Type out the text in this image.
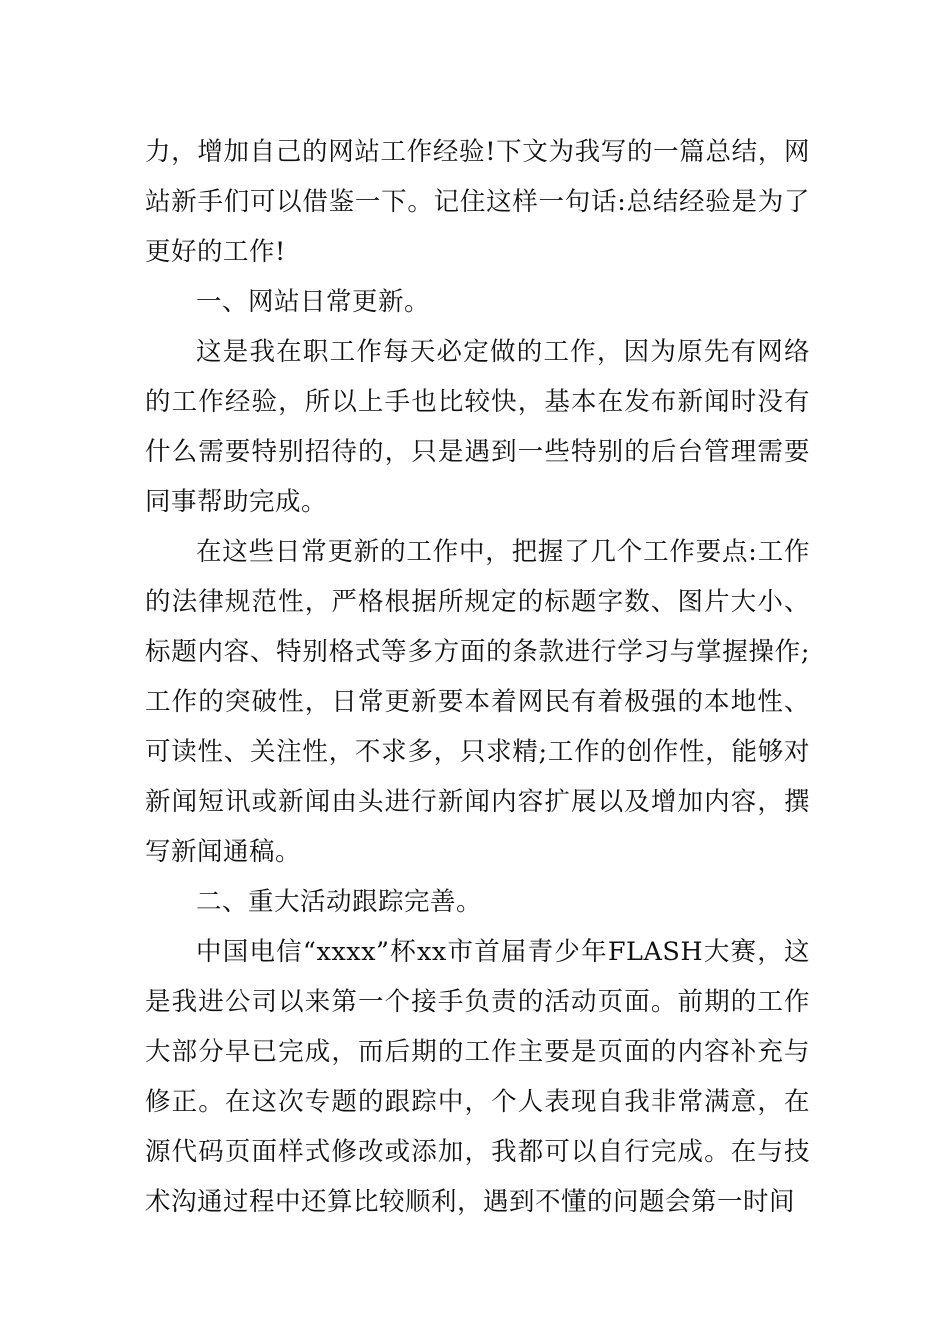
力，增加自己的网站工作经验!下文为我写的一篇总结，网站新手们可以借鉴一下。记住这样一句话:总结经验是为了更好的工作!

一、网站日常更新。

这是我在职工作每天必定做的工作，因为原先有网络的工作经验，所以上手也比较快，基本在发布新闻时没有什么需要特别招待的，只是遇到一些特别的后台管理需要同事帮助完成。

在这些日常更新的工作中，把握了几个工作要点:工作的法律规范性，严格根据所规定的标题字数、图片大小、标题内容、特别格式等多方面的条款进行学习与掌握操作;工作的突破性，日常更新要本着网民有着极强的本地性、可读性、关注性，不求多，只求精;工作的创作性，能够对新闻短讯或新闻由头进行新闻内容扩展以及增加内容，撰写新闻通稿。

二、重大活动跟踪完善。

中国电信“xxxx”杯xx市首届青少年FLASH大赛，这是我进公司以来第一个接手负责的活动页面。前期的工作大部分早已完成，而后期的工作主要是页面的内容补充与修正。在这次专题的跟踪中，个人表现自我非常满意，在源代码页面样式修改或添加，我都可以自行完成。在与技术沟通过程中还算比较顺利，遇到不懂的问题会第一时间
